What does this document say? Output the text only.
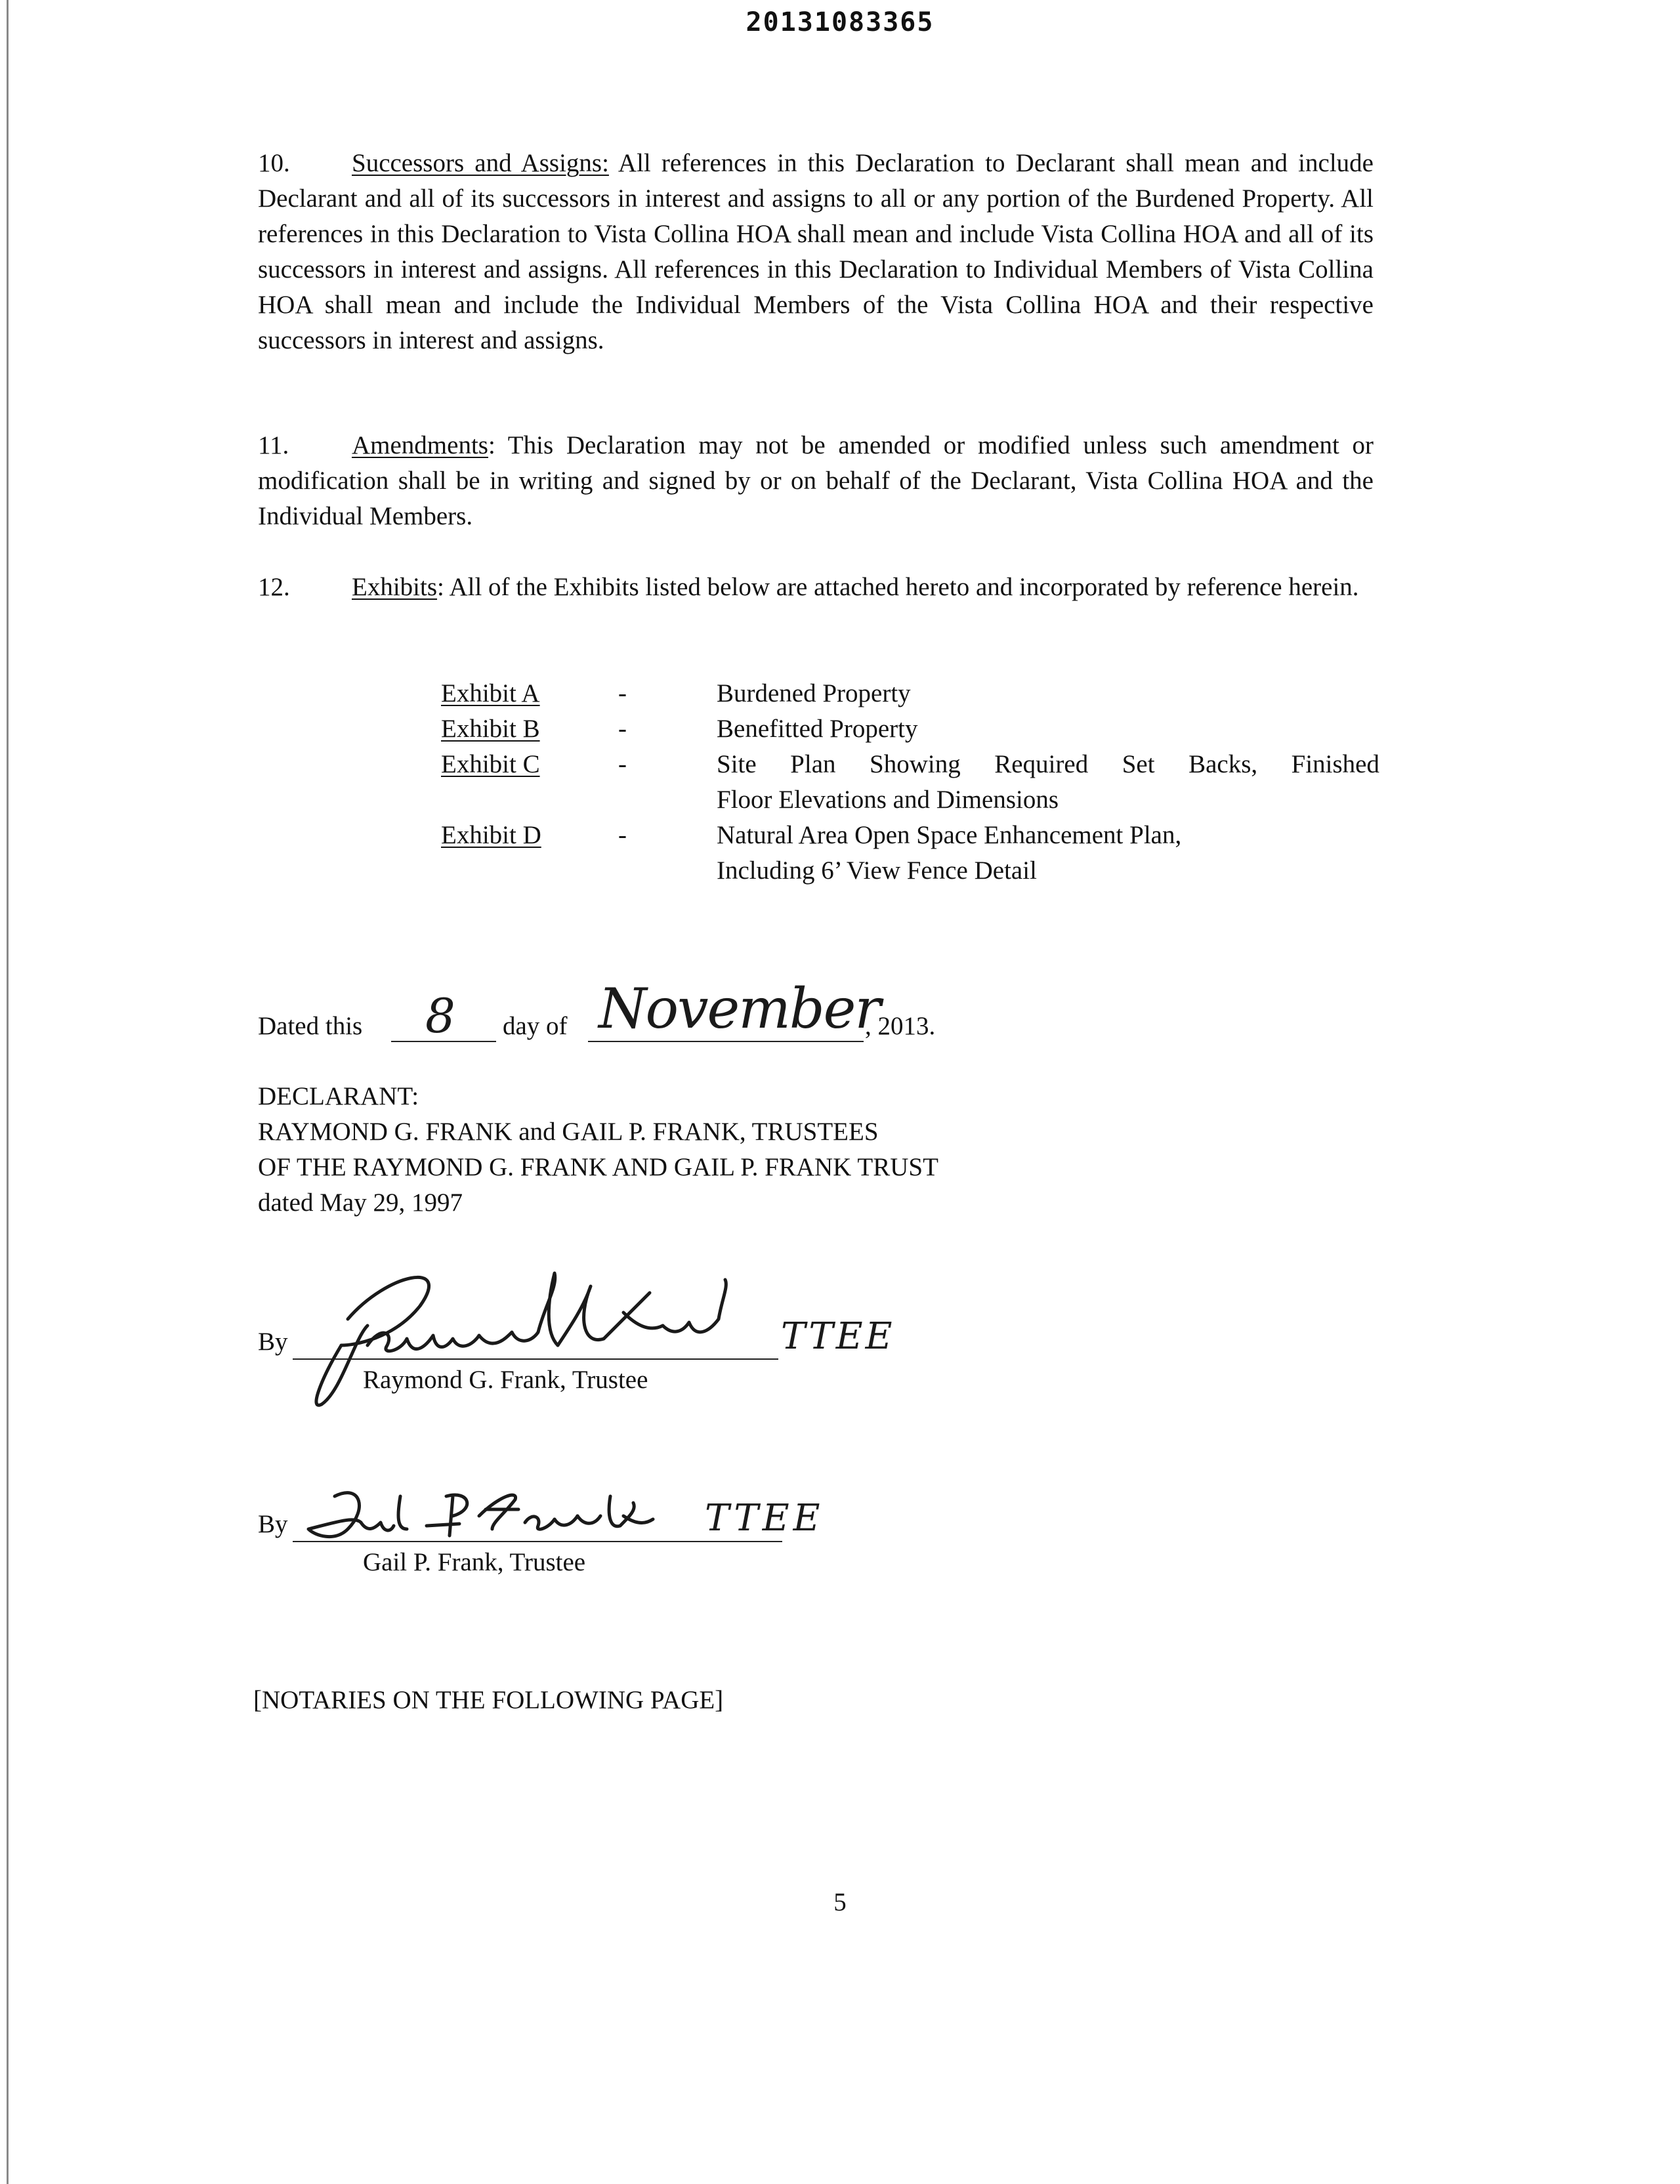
20131083365

10. Successors and Assigns: All references in this Declaration to Declarant shall mean and include Declarant and all of its successors in interest and assigns to all or any portion of the Burdened Property. All references in this Declaration to Vista Collina HOA shall mean and include Vista Collina HOA and all of its successors in interest and assigns. All references in this Declaration to Individual Members of Vista Collina HOA shall mean and include the Individual Members of the Vista Collina HOA and their respective successors in interest and assigns.

11. Amendments: This Declaration may not be amended or modified unless such amendment or modification shall be in writing and signed by or on behalf of the Declarant, Vista Collina HOA and the Individual Members.

12. Exhibits: All of the Exhibits listed below are attached hereto and incorporated by reference herein.

Exhibit A	-	Burdened Property
Exhibit B	-	Benefitted Property
Exhibit C	-	Site Plan Showing Required Set Backs, Finished
Floor Elevations and Dimensions
Exhibit D	-	Natural Area Open Space Enhancement Plan,
Including 6’ View Fence Detail
Dated this 8 day of November
, 2013.
DECLARANT:
RAYMOND G. FRANK and GAIL P. FRANK, TRUSTEES
OF THE RAYMOND G. FRANK AND GAIL P. FRANK TRUST
dated May 29, 1997
By	TTEE
Raymond G. Frank, Trustee
By	TTEE
Gail P. Frank, Trustee
[NOTARIES ON THE FOLLOWING PAGE]
5
